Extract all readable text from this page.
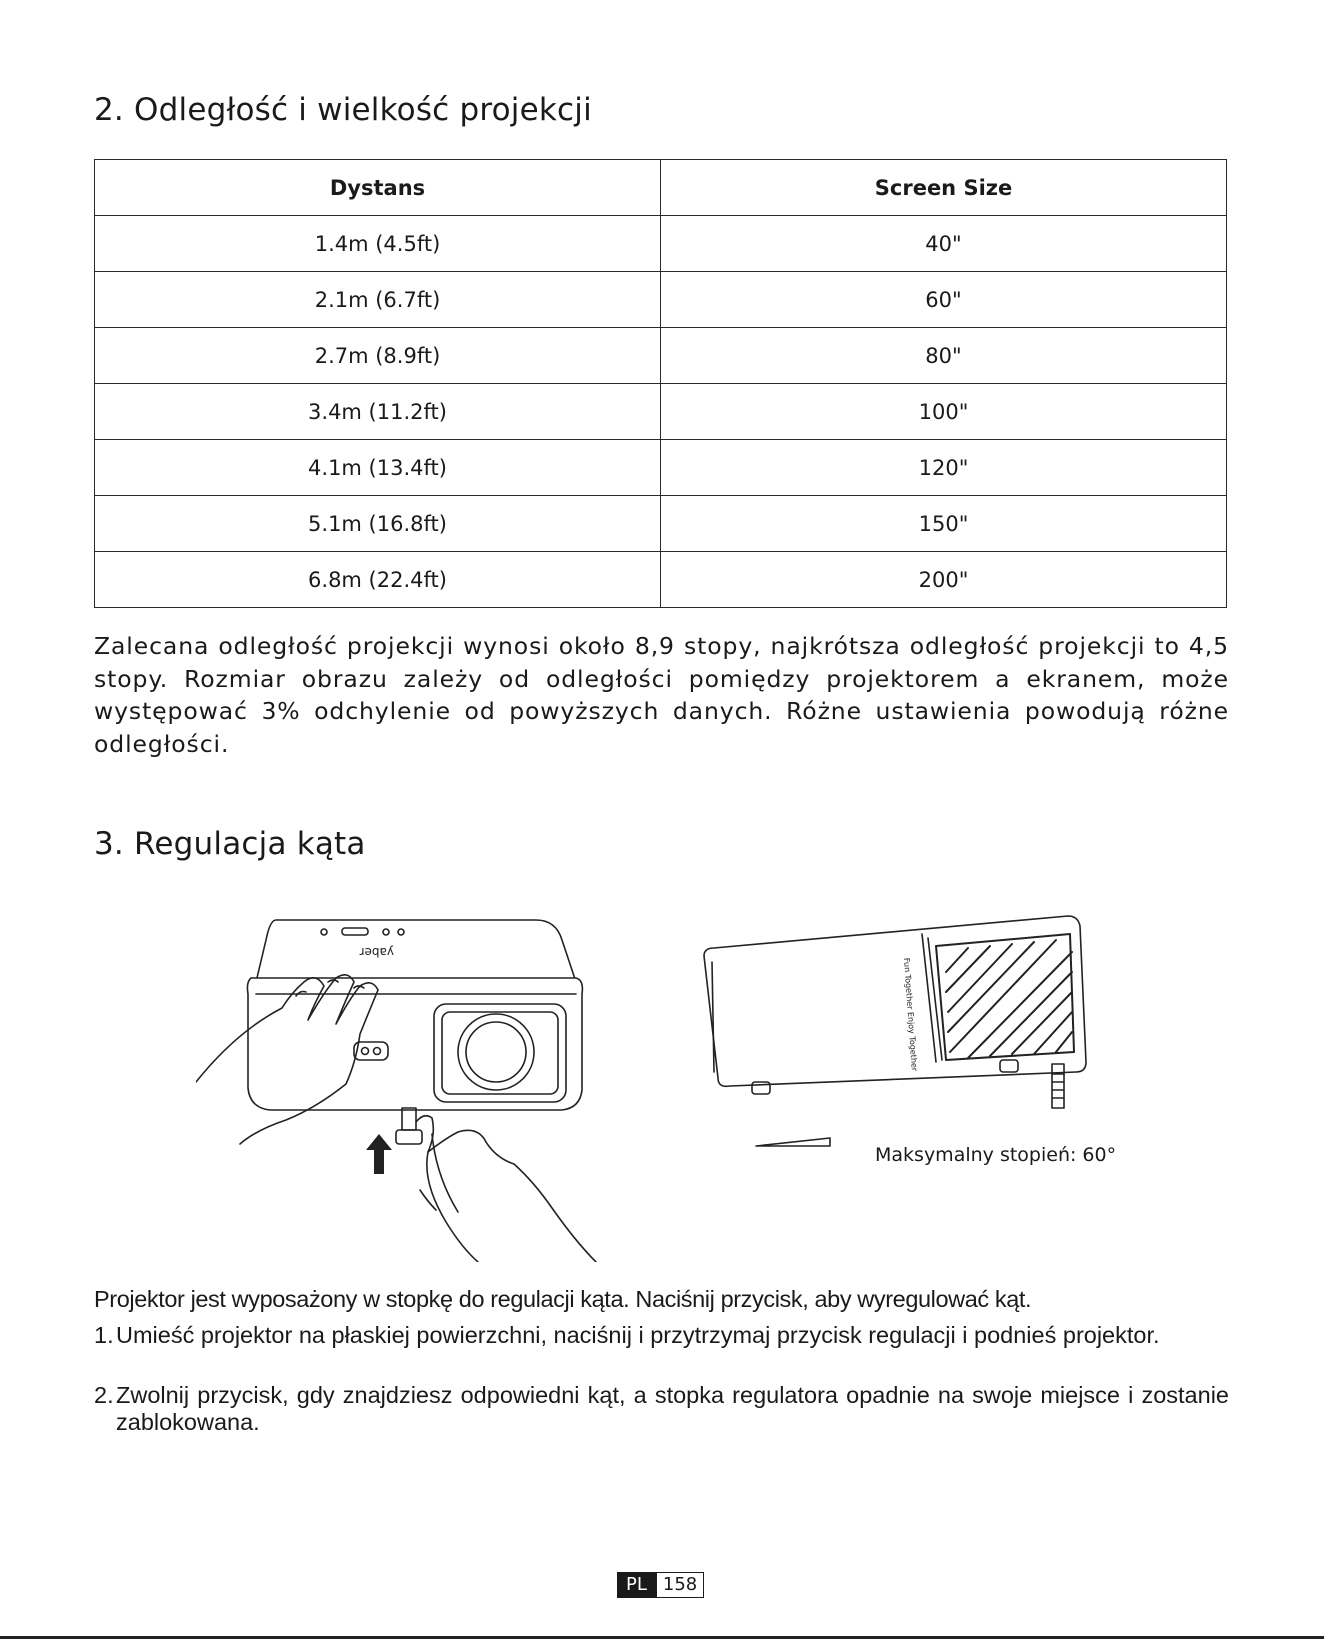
2. Odległość i wielkość projekcji
Dystans	Screen Size
1.4m (4.5ft)	40"
2.1m (6.7ft)	60"
2.7m (8.9ft)	80"
3.4m (11.2ft)	100"
4.1m (13.4ft)	120"
5.1m (16.8ft)	150"
6.8m (22.4ft)	200"
Zalecana odległość projekcji wynosi około 8,9 stopy, najkrótsza odległość projekcji to 4,5 stopy. Rozmiar obrazu zależy od odległości pomiędzy projektorem a ekranem, może występować 3% odchylenie od powyższych danych. Różne ustawienia powodują różne odległości.
3. Regulacja kąta
yaber
Fun Together Enjoy Together
Maksymalny stopień: 60°
Projektor jest wyposażony w stopkę do regulacji kąta. Naciśnij przycisk, aby wyregulować kąt.
1. Umieść projektor na płaskiej powierzchni, naciśnij i przytrzymaj przycisk regulacji i podnieś projektor.
2. Zwolnij przycisk, gdy znajdziesz odpowiedni kąt, a stopka regulatora opadnie na swoje miejsce i zostanie zablokowana.
PL 158
